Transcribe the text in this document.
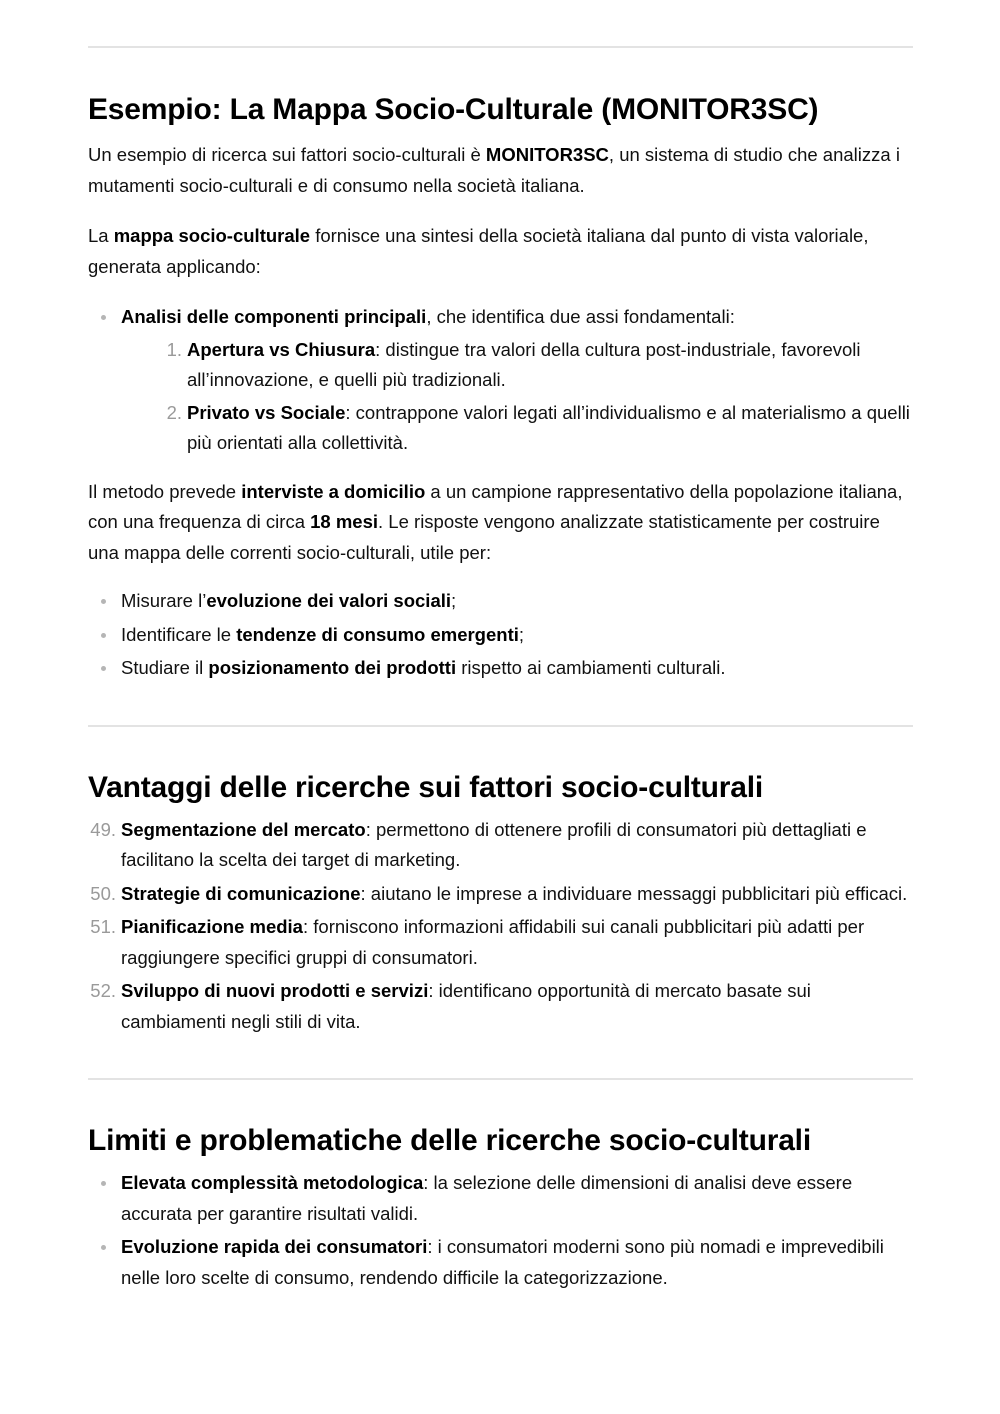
Esempio: La Mappa Socio-Culturale (MONITOR3SC)

Un esempio di ricerca sui fattori socio-culturali è MONITOR3SC, un sistema di studio che analizza i mutamenti socio-culturali e di consumo nella società italiana.

La mappa socio-culturale fornisce una sintesi della società italiana dal punto di vista valoriale, generata applicando:

Analisi delle componenti principali, che identifica due assi fondamentali:
1. Apertura vs Chiusura: distingue tra valori della cultura post-industriale, favorevoli all’innovazione, e quelli più tradizionali.
2. Privato vs Sociale: contrappone valori legati all’individualismo e al materialismo a quelli più orientati alla collettività.

Il metodo prevede interviste a domicilio a un campione rappresentativo della popolazione italiana, con una frequenza di circa 18 mesi. Le risposte vengono analizzate statisticamente per costruire una mappa delle correnti socio-culturali, utile per:

Misurare l’evoluzione dei valori sociali;
Identificare le tendenze di consumo emergenti;
Studiare il posizionamento dei prodotti rispetto ai cambiamenti culturali.
Vantaggi delle ricerche sui fattori socio-culturali
49. Segmentazione del mercato: permettono di ottenere profili di consumatori più dettagliati e facilitano la scelta dei target di marketing.
50. Strategie di comunicazione: aiutano le imprese a individuare messaggi pubblicitari più efficaci.
51. Pianificazione media: forniscono informazioni affidabili sui canali pubblicitari più adatti per raggiungere specifici gruppi di consumatori.
52. Sviluppo di nuovi prodotti e servizi: identificano opportunità di mercato basate sui cambiamenti negli stili di vita.
Limiti e problematiche delle ricerche socio-culturali
Elevata complessità metodologica: la selezione delle dimensioni di analisi deve essere accurata per garantire risultati validi.
Evoluzione rapida dei consumatori: i consumatori moderni sono più nomadi e imprevedibili nelle loro scelte di consumo, rendendo difficile la categorizzazione.
